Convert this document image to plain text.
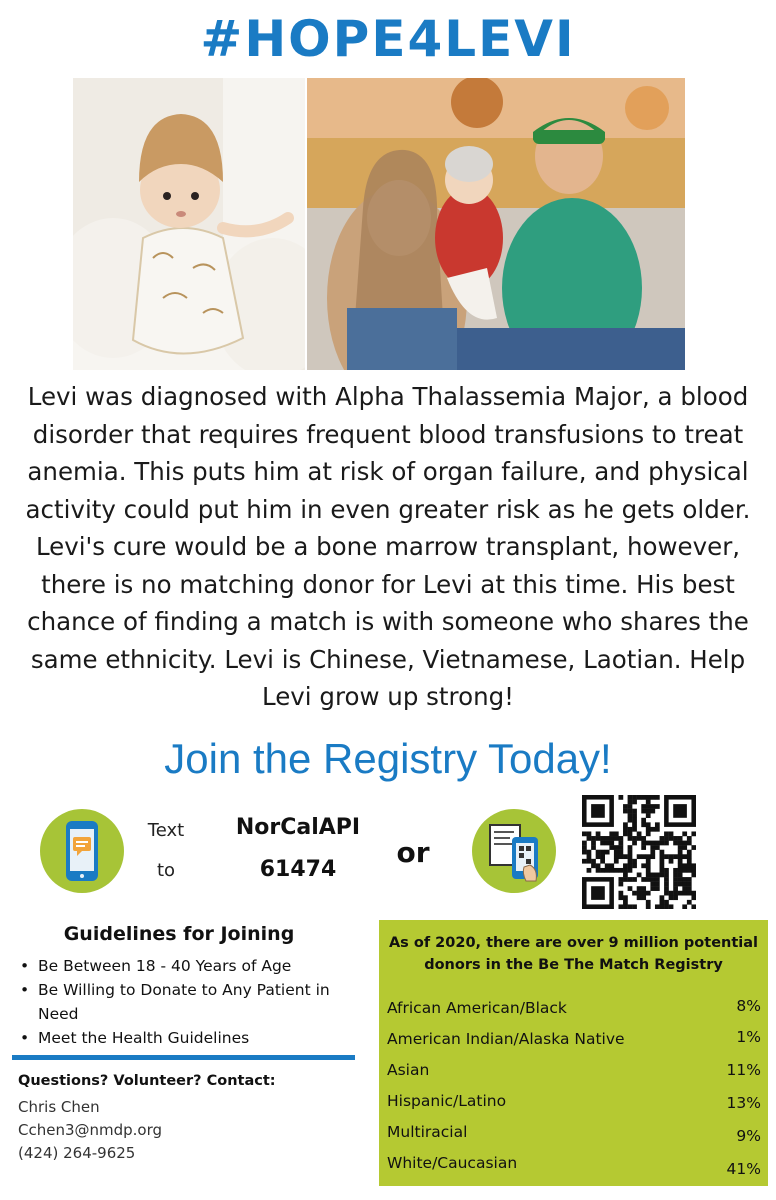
#HOPE4LEVI

Levi was diagnosed with Alpha Thalassemia Major, a blood disorder that requires frequent blood transfusions to treat anemia. This puts him at risk of organ failure, and physical activity could put him in even greater risk as he gets older. Levi's cure would be a bone marrow transplant, however, there is no matching donor for Levi at this time. His best chance of finding a match is with someone who shares the same ethnicity. Levi is Chinese, Vietnamese, Laotian. Help Levi grow up strong!

Join the Registry Today!
Text
to
NorCalAPI
61474
or
Guidelines for Joining
• Be Between 18 - 40 Years of Age
• Be Willing to Donate to Any Patient in Need
• Meet the Health Guidelines
Questions? Volunteer? Contact:
Chris Chen
Cchen3@nmdp.org
(424) 264-9625
As of 2020, there are over 9 million potential
donors in the Be The Match Registry
African American/Black	8%
American Indian/Alaska Native	1%
Asian	11%
Hispanic/Latino	13%
Multiracial	9%
White/Caucasian	41%
